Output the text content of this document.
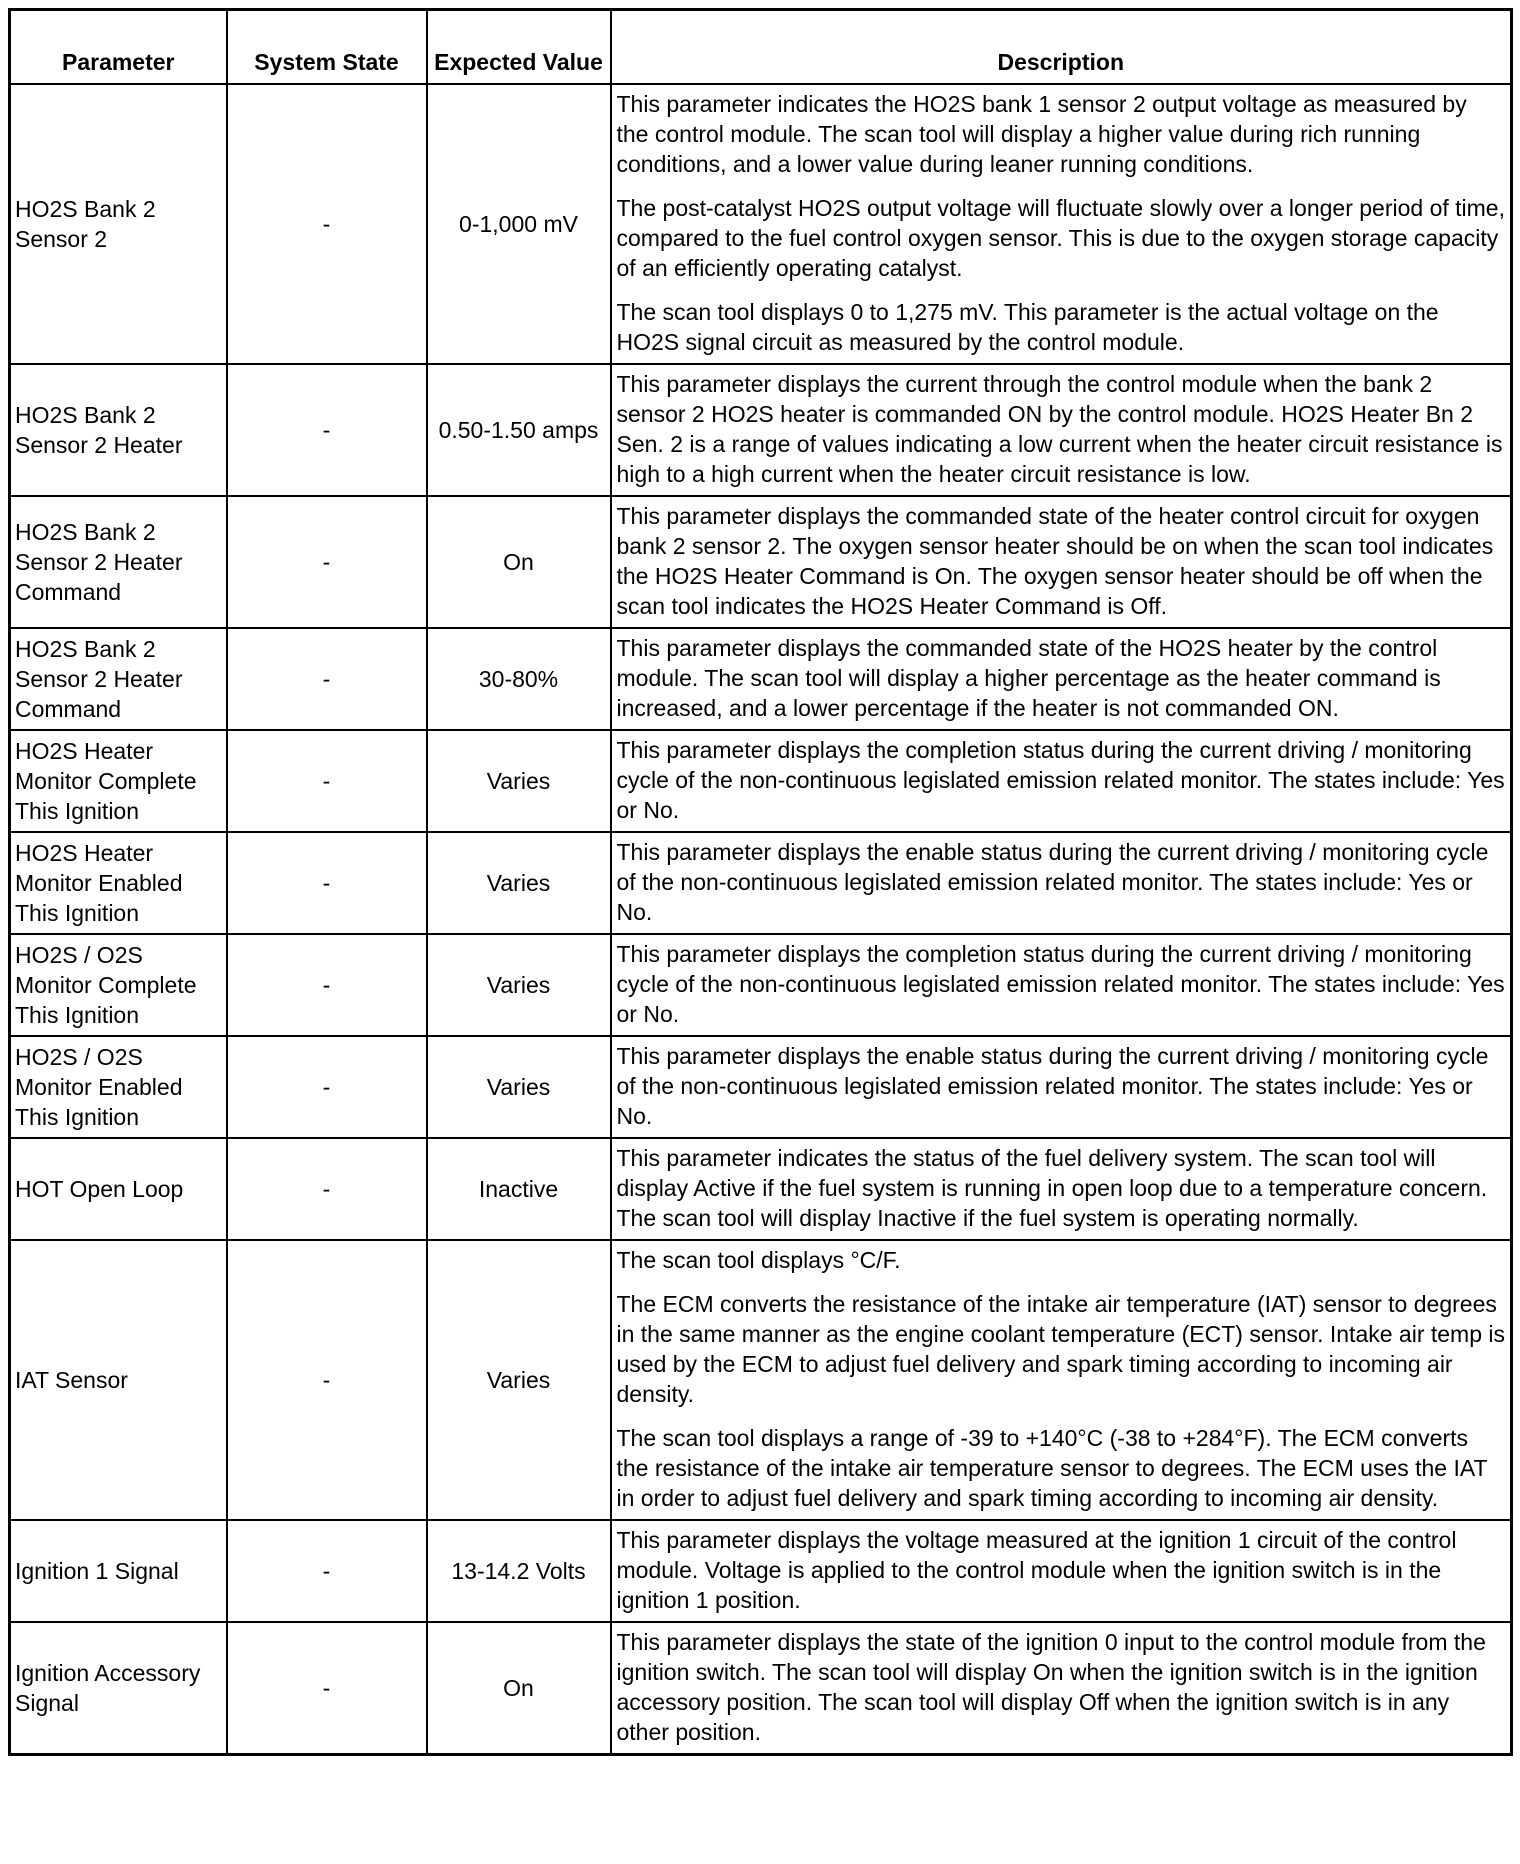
Parameter	System State	Expected Value	Description
HO2S Bank 2 Sensor 2	-	0-1,000 mV	This parameter indicates the HO2S bank 1 sensor 2 output voltage as measured by the control module. The scan tool will display a higher value during rich running conditions, and a lower value during leaner running conditions.

The post-catalyst HO2S output voltage will fluctuate slowly over a longer period of time, compared to the fuel control oxygen sensor. This is due to the oxygen storage capacity of an efficiently operating catalyst.

The scan tool displays 0 to 1,275 mV. This parameter is the actual voltage on the HO2S signal circuit as measured by the control module.

HO2S Bank 2 Sensor 2 Heater	-	0.50-1.50 amps	This parameter displays the current through the control module when the bank 2 sensor 2 HO2S heater is commanded ON by the control module. HO2S Heater Bn 2 Sen. 2 is a range of values indicating a low current when the heater circuit resistance is high to a high current when the heater circuit resistance is low.

HO2S Bank 2 Sensor 2 Heater Command	-	On	This parameter displays the commanded state of the heater control circuit for oxygen bank 2 sensor 2. The oxygen sensor heater should be on when the scan tool indicates the HO2S Heater Command is On. The oxygen sensor heater should be off when the scan tool indicates the HO2S Heater Command is Off.

HO2S Bank 2 Sensor 2 Heater Command	-	30-80%	This parameter displays the commanded state of the HO2S heater by the control module. The scan tool will display a higher percentage as the heater command is increased, and a lower percentage if the heater is not commanded ON.

HO2S Heater Monitor Complete This Ignition	-	Varies	This parameter displays the completion status during the current driving / monitoring cycle of the non-continuous legislated emission related monitor. The states include: Yes or No.

HO2S Heater Monitor Enabled This Ignition	-	Varies	This parameter displays the enable status during the current driving / monitoring cycle of the non-continuous legislated emission related monitor. The states include: Yes or No.

HO2S / O2S Monitor Complete This Ignition	-	Varies	This parameter displays the completion status during the current driving / monitoring cycle of the non-continuous legislated emission related monitor. The states include: Yes or No.

HO2S / O2S Monitor Enabled This Ignition	-	Varies	This parameter displays the enable status during the current driving / monitoring cycle of the non-continuous legislated emission related monitor. The states include: Yes or No.

HOT Open Loop	-	Inactive	This parameter indicates the status of the fuel delivery system. The scan tool will display Active if the fuel system is running in open loop due to a temperature concern. The scan tool will display Inactive if the fuel system is operating normally.

IAT Sensor	-	Varies	The scan tool displays °C/F.

The ECM converts the resistance of the intake air temperature (IAT) sensor to degrees in the same manner as the engine coolant temperature (ECT) sensor. Intake air temp is used by the ECM to adjust fuel delivery and spark timing according to incoming air density.

The scan tool displays a range of -39 to +140°C (-38 to +284°F). The ECM converts the resistance of the intake air temperature sensor to degrees. The ECM uses the IAT in order to adjust fuel delivery and spark timing according to incoming air density.

Ignition 1 Signal	-	13-14.2 Volts	This parameter displays the voltage measured at the ignition 1 circuit of the control module. Voltage is applied to the control module when the ignition switch is in the ignition 1 position.

Ignition Accessory Signal	-	On	This parameter displays the state of the ignition 0 input to the control module from the ignition switch. The scan tool will display On when the ignition switch is in the ignition accessory position. The scan tool will display Off when the ignition switch is in any other position.
